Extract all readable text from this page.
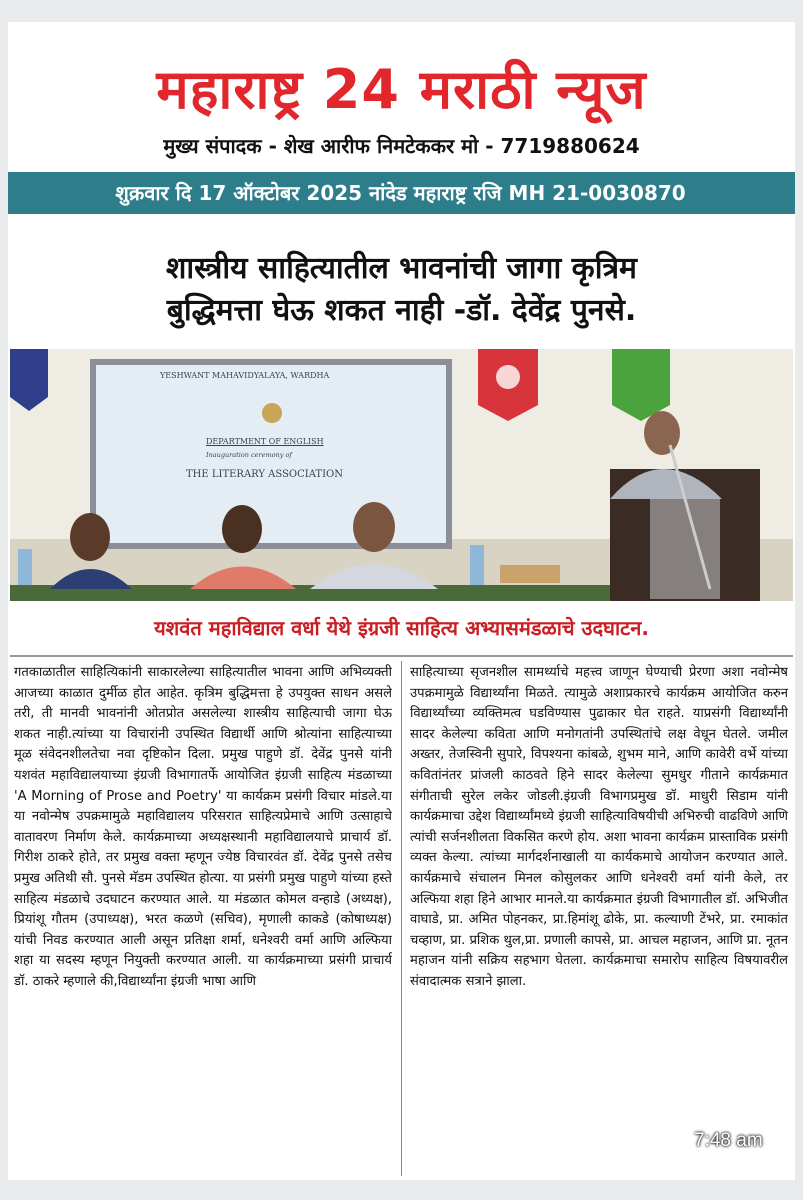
महाराष्ट्र 24 मराठी न्यूज
मुख्य संपादक - शेख आरीफ निमटेककर मो - 7719880624
शुक्रवार दि 17 ऑक्टोबर 2025 नांदेड महाराष्ट्र रजि MH 21-0030870
शास्त्रीय साहित्यातील भावनांची जागा कृत्रिम
बुद्धिमत्ता घेऊ शकत नाही -डॉ. देवेंद्र पुनसे.
YESHWANT MAHAVIDYALAYA, WARDHA
DEPARTMENT OF ENGLISH
Inauguration ceremony of
THE LITERARY ASSOCIATION
यशवंत महाविद्याल वर्धा येथे इंग्रजी साहित्य अभ्यासमंडळाचे उदघाटन.
गतकाळातील साहित्यिकांनी साकारलेल्या साहित्यातील भावना आणि अभिव्यक्ती आजच्या काळात दुर्मीळ होत आहेत. कृत्रिम बुद्धिमत्ता हे उपयुक्त साधन असले तरी, ती मानवी भावनांनी ओतप्रोत असलेल्या शास्त्रीय साहित्याची जागा घेऊ शकत नाही.त्यांच्या या विचारांनी उपस्थित विद्यार्थी आणि श्रोत्यांना साहित्याच्या मूळ संवेदनशीलतेचा नवा दृष्टिकोन दिला. प्रमुख पाहुणे डॉ. देवेंद्र पुनसे यांनी यशवंत महाविद्यालयाच्या इंग्रजी विभागातर्फे आयोजित इंग्रजी साहित्य मंडळाच्या 'A Morning of Prose and Poetry' या कार्यक्रम प्रसंगी विचार मांडले.या या नवोन्मेष उपक्रमामुळे महाविद्यालय परिसरात साहित्यप्रेमाचे आणि उत्साहाचे वातावरण निर्माण केले. कार्यक्रमाच्या अध्यक्षस्थानी महाविद्यालयाचे प्राचार्य डॉ. गिरीश ठाकरे होते, तर प्रमुख वक्ता म्हणून ज्येष्ठ विचारवंत डॉ. देवेंद्र पुनसे तसेच प्रमुख अतिथी सौ. पुनसे मॅडम उपस्थित होत्या. या प्रसंगी प्रमुख पाहुणे यांच्या हस्ते साहित्य मंडळाचे उदघाटन करण्यात आले. या मंडळात कोमल वन्हाडे (अध्यक्ष), प्रियांशू गौतम (उपाध्यक्ष), भरत कळणे (सचिव), मृणाली काकडे (कोषाध्यक्ष) यांची निवड करण्यात आली असून प्रतिक्षा शर्मा, धनेश्वरी वर्मा आणि अल्फिया शहा या सदस्य म्हणून नियुक्ती करण्यात आली. या कार्यक्रमाच्या प्रसंगी प्राचार्य डॉ. ठाकरे म्हणाले की,विद्यार्थ्यांना इंग्रजी भाषा आणि
साहित्याच्या सृजनशील सामर्थ्याचे महत्त्व जाणून घेण्याची प्रेरणा अशा नवोन्मेष उपक्रमामुळे विद्यार्थ्यांना मिळते. त्यामुळे अशाप्रकारचे कार्यक्रम आयोजित करुन विद्यार्थ्यांच्या व्यक्तिमत्व घडविण्यास पुढाकार घेत राहते. याप्रसंगी विद्यार्थ्यांनी सादर केलेल्या कविता आणि मनोगतांनी उपस्थितांचे लक्ष वेधून घेतले. जमील अख्तर, तेजस्विनी सुपारे, विपश्यना कांबळे, शुभम माने, आणि कावेरी वर्भे यांच्या कवितांनंतर प्रांजली काठवते हिने सादर केलेल्या सुमधुर गीताने कार्यक्रमात संगीताची सुरेल लकेर जोडली.इंग्रजी विभागप्रमुख डॉ. माधुरी सिडाम यांनी कार्यक्रमाचा उद्देश विद्यार्थ्यांमध्ये इंग्रजी साहित्याविषयीची अभिरुची वाढविणे आणि त्यांची सर्जनशीलता विकसित करणे होय. अशा भावना कार्यक्रम प्रास्ताविक प्रसंगी व्यक्त केल्या. त्यांच्या मार्गदर्शनाखाली या कार्यकमाचे आयोजन करण्यात आले. कार्यक्रमाचे संचालन मिनल कोसुलकर आणि धनेश्वरी वर्मा यांनी केले, तर अल्फिया शहा हिने आभार मानले.या कार्यक्रमात इंग्रजी विभागातील डॉ. अभिजीत वाघाडे, प्रा. अमित पोहनकर, प्रा.हिमांशू ढोके, प्रा. कल्याणी टेंभरे, प्रा. रमाकांत चव्हाण, प्रा. प्रशिक थुल,प्रा. प्रणाली कापसे, प्रा. आचल महाजन, आणि प्रा. नूतन महाजन यांनी सक्रिय सहभाग घेतला. कार्यक्रमाचा समारोप साहित्य विषयावरील संवादात्मक सत्राने झाला.
7:48 am
